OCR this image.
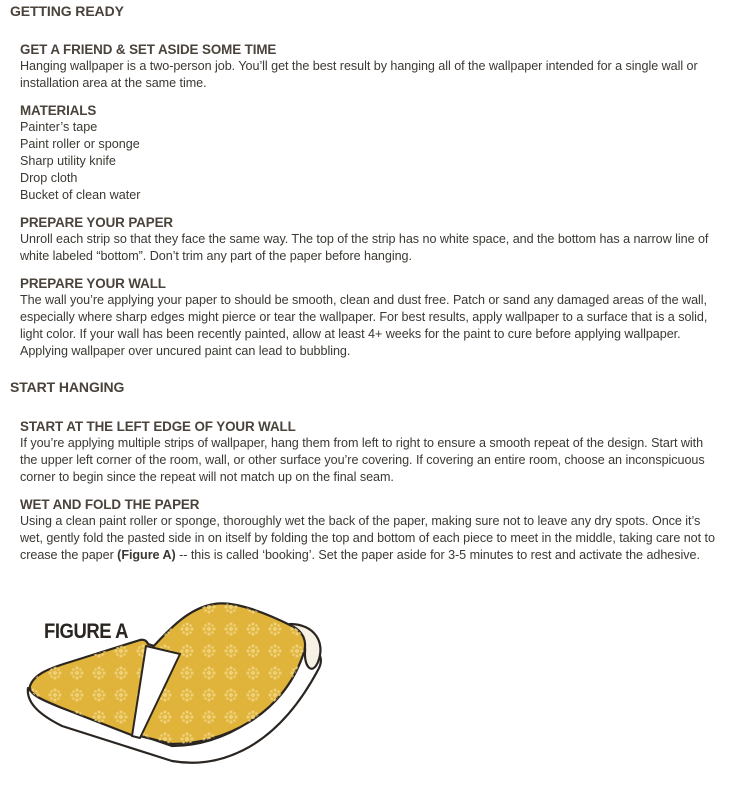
GETTING READY
GET A FRIEND & SET ASIDE SOME TIME

Hanging wallpaper is a two-person job. You’ll get the best result by hanging all of the wallpaper intended for a single wall or installation area at the same time.

MATERIALS
Painter’s tape
Paint roller or sponge
Sharp utility knife
Drop cloth
Bucket of clean water
PREPARE YOUR PAPER

Unroll each strip so that they face the same way. The top of the strip has no white space, and the bottom has a narrow line of white labeled “bottom”. Don’t trim any part of the paper before hanging.

PREPARE YOUR WALL

The wall you’re applying your paper to should be smooth, clean and dust free. Patch or sand any damaged areas of the wall, especially where sharp edges might pierce or tear the wallpaper. For best results, apply wallpaper to a surface that is a solid, light color. If your wall has been recently painted, allow at least 4+ weeks for the paint to cure before applying wallpaper. Applying wallpaper over uncured paint can lead to bubbling.

START HANGING
START AT THE LEFT EDGE OF YOUR WALL

If you’re applying multiple strips of wallpaper, hang them from left to right to ensure a smooth repeat of the design. Start with the upper left corner of the room, wall, or other surface you’re covering. If covering an entire room, choose an inconspicuous corner to begin since the repeat will not match up on the final seam.

WET AND FOLD THE PAPER

Using a clean paint roller or sponge, thoroughly wet the back of the paper, making sure not to leave any dry spots. Once it’s wet, gently fold the pasted side in on itself by folding the top and bottom of each piece to meet in the middle, taking care not to crease the paper (Figure A) -- this is called ‘booking’. Set the paper aside for 3-5 minutes to rest and activate the adhesive.

FIGURE A
